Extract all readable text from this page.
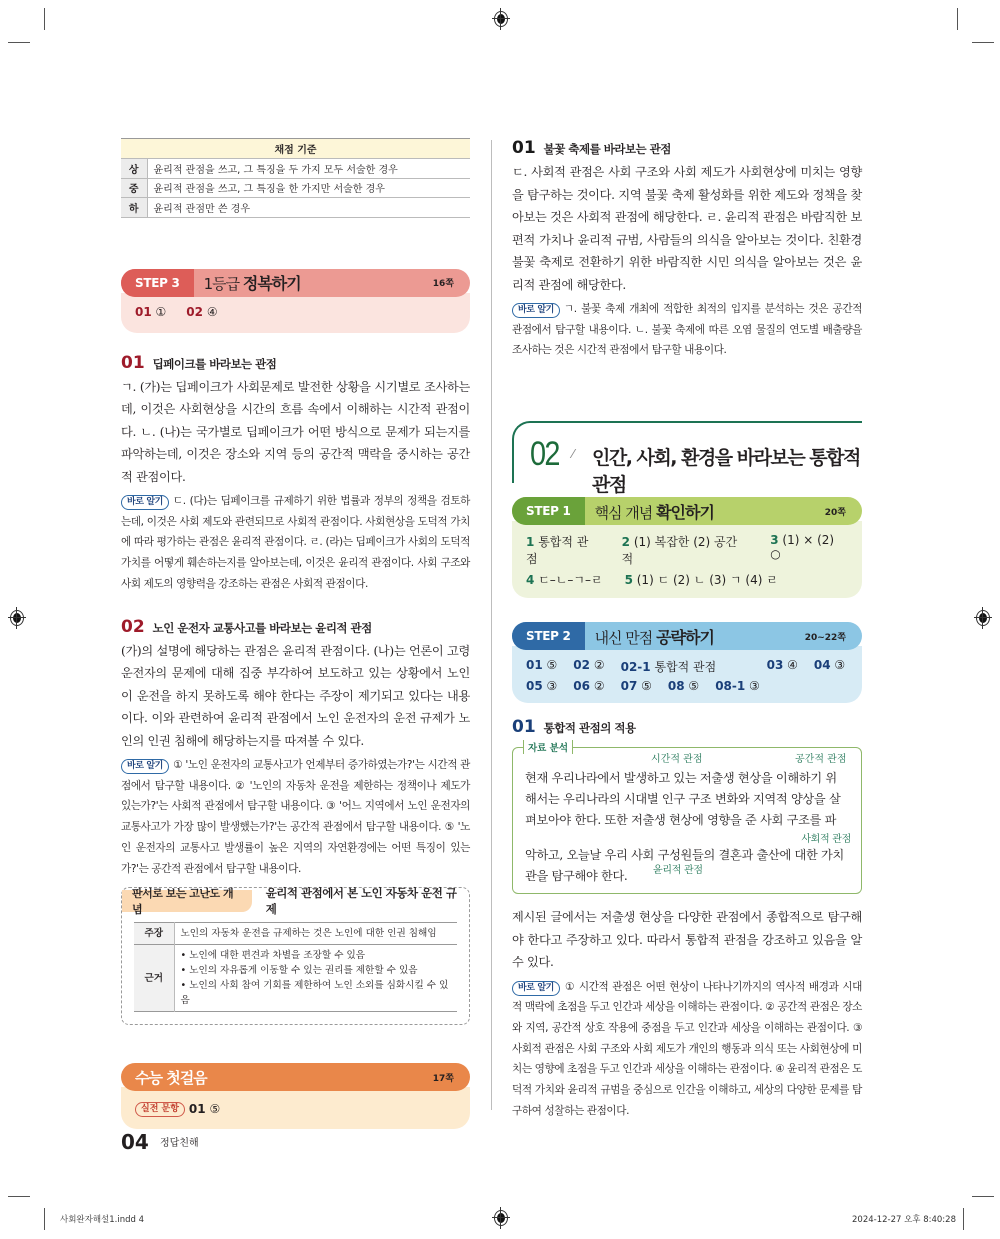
채점 기준	
상	윤리적 관점을 쓰고, 그 특징을 두 가지 모두 서술한 경우
중	윤리적 관점을 쓰고, 그 특징을 한 가지만 서술한 경우
하	윤리적 관점만 쓴 경우
STEP 3	1등급 정복하기	16쪽
01 ① 02 ④
01 딥페이크를 바라보는 관점

ㄱ. (가)는 딥페이크가 사회문제로 발전한 상황을 시기별로 조사하는데, 이것은 사회현상을 시간의 흐름 속에서 이해하는 시간적 관점이다. ㄴ. (나)는 국가별로 딥페이크가 어떤 방식으로 문제가 되는지를 파악하는데, 이것은 장소와 지역 등의 공간적 맥락을 중시하는 공간적 관점이다.

바로 알기 ㄷ. (다)는 딥페이크를 규제하기 위한 법률과 정부의 정책을 검토하는데, 이것은 사회 제도와 관련되므로 사회적 관점이다. 사회현상을 도덕적 가치에 따라 평가하는 관점은 윤리적 관점이다. ㄹ. (라)는 딥페이크가 사회의 도덕적 가치를 어떻게 훼손하는지를 알아보는데, 이것은 윤리적 관점이다. 사회 구조와 사회 제도의 영향력을 강조하는 관점은 사회적 관점이다.

02 노인 운전자 교통사고를 바라보는 윤리적 관점

(가)의 설명에 해당하는 관점은 윤리적 관점이다. (나)는 언론이 고령 운전자의 문제에 대해 집중 부각하여 보도하고 있는 상황에서 노인이 운전을 하지 못하도록 해야 한다는 주장이 제기되고 있다는 내용이다. 이와 관련하여 윤리적 관점에서 노인 운전자의 운전 규제가 노인의 인권 침해에 해당하는지를 따져볼 수 있다.

바로 알기 ① '노인 운전자의 교통사고가 언제부터 증가하였는가?'는 시간적 관점에서 탐구할 내용이다. ② '노인의 자동차 운전을 제한하는 정책이나 제도가 있는가?'는 사회적 관점에서 탐구할 내용이다. ③ '어느 지역에서 노인 운전자의 교통사고가 가장 많이 발생했는가?'는 공간적 관점에서 탐구할 내용이다. ⑤ '노인 운전자의 교통사고 발생률이 높은 지역의 자연환경에는 어떤 특징이 있는가?'는 공간적 관점에서 탐구할 내용이다.

판서로 보는 고난도 개념
윤리적 관점에서 본 노인 자동차 운전 규제
주장	노인의 자동차 운전을 규제하는 것은 노인에 대한 인권 침해임
근거	• 노인에 대한 편견과 차별을 조장할 수 있음
• 노인의 자유롭게 이동할 수 있는 권리를 제한할 수 있음
• 노인의 사회 참여 기회를 제한하여 노인 소외를 심화시킬 수 있음
수능 첫걸음	17쪽
실전 문항 01
⑤
01 불꽃 축제를 바라보는 관점

ㄷ. 사회적 관점은 사회 구조와 사회 제도가 사회현상에 미치는 영향을 탐구하는 것이다. 지역 불꽃 축제 활성화를 위한 제도와 정책을 찾아보는 것은 사회적 관점에 해당한다. ㄹ. 윤리적 관점은 바람직한 보편적 가치나 윤리적 규범, 사람들의 의식을 알아보는 것이다. 친환경 불꽃 축제로 전환하기 위한 바람직한 시민 의식을 알아보는 것은 윤리적 관점에 해당한다.

바로 알기 ㄱ. 불꽃 축제 개최에 적합한 최적의 입지를 분석하는 것은 공간적 관점에서 탐구할 내용이다. ㄴ. 불꽃 축제에 따른 오염 물질의 연도별 배출량을 조사하는 것은 시간적 관점에서 탐구할 내용이다.

02 ⁄ 인간, 사회, 환경을 바라보는 통합적 관점
STEP 1	핵심 개념 확인하기	20쪽
1 통합적 관점
2 (1) 복잡한 (2) 공간적
3 (1) × (2) ○
4 ㄷ–ㄴ–ㄱ–ㄹ 5 (1) ㄷ (2) ㄴ (3) ㄱ (4) ㄹ
STEP 2	내신 만점 공략하기	20~22쪽
01 ⑤ 02 ② 02-1 통합적 관점	03 ④ 04 ③
05 ③ 06 ② 07 ⑤ 08 ⑤ 08-1 ③
01 통합적 관점의 적용
자료 분석
시간적 관점	공간적 관점
현재 우리나라에서 발생하고 있는 저출생 현상을 이해하기 위
해서는 우리나라의 시대별 인구 구조 변화와 지역적 양상을 살
펴보아야 한다. 또한 저출생 현상에 영향을 준 사회 구조를 파
사회적 관점
악하고, 오늘날 우리 사회 구성원들의 결혼과 출산에 대한 가치
관을 탐구해야 한다.	윤리적 관점

제시된 글에서는 저출생 현상을 다양한 관점에서 종합적으로 탐구해야 한다고 주장하고 있다. 따라서 통합적 관점을 강조하고 있음을 알 수 있다.

바로 알기 ① 시간적 관점은 어떤 현상이 나타나기까지의 역사적 배경과 시대적 맥락에 초점을 두고 인간과 세상을 이해하는 관점이다. ② 공간적 관점은 장소와 지역, 공간적 상호 작용에 중점을 두고 인간과 세상을 이해하는 관점이다. ③ 사회적 관점은 사회 구조와 사회 제도가 개인의 행동과 의식 또는 사회현상에 미치는 영향에 초점을 두고 인간과 세상을 이해하는 관점이다. ④ 윤리적 관점은 도덕적 가치와 윤리적 규범을 중심으로 인간을 이해하고, 세상의 다양한 문제를 탐구하여 성찰하는 관점이다.

04 정답친해
사회완자해설1.indd 4	2024-12-27 오후 8:40:28
